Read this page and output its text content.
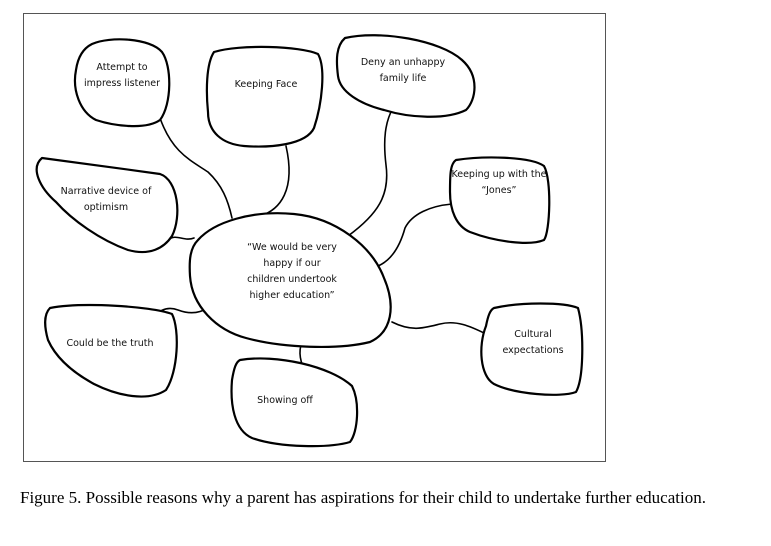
“We would be very
happy if our
children undertook
higher education”
Attempt to
impress listener	Keeping Face
Deny an unhappy
family life
Keeping up with the
“Jones”
Narrative device of
optimism
Could be the truth
Cultural
expectations
Showing off
Figure 5. Possible reasons why a parent has aspirations for their child to undertake further education.
